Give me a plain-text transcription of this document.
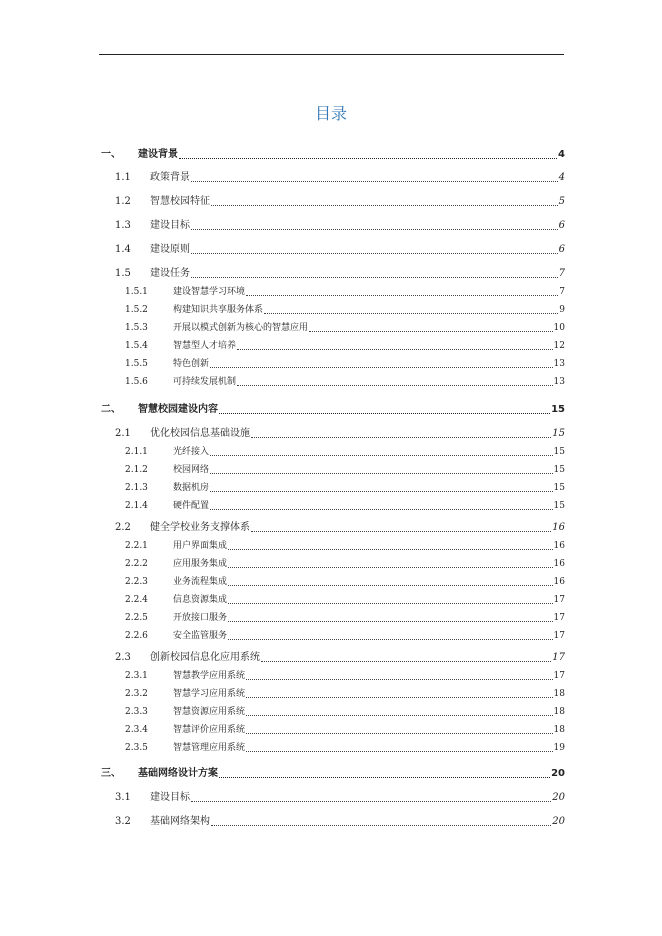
目录
一、	建设背景	4
1.1	政策背景	4
1.2	智慧校园特征	5
1.3	建设目标	6
1.4	建设原则	6
1.5	建设任务	7
1.5.1	建设智慧学习环境	7
1.5.2	构建知识共享服务体系	9
1.5.3	开展以模式创新为核心的智慧应用	10
1.5.4	智慧型人才培养	12
1.5.5	特色创新	13
1.5.6	可持续发展机制	13
二、	智慧校园建设内容	15
2.1	优化校园信息基础设施	15
2.1.1	光纤接入	15
2.1.2	校园网络	15
2.1.3	数据机房	15
2.1.4	硬件配置	15
2.2	健全学校业务支撑体系	16
2.2.1	用户界面集成	16
2.2.2	应用服务集成	16
2.2.3	业务流程集成	16
2.2.4	信息资源集成	17
2.2.5	开放接口服务	17
2.2.6	安全监管服务	17
2.3	创新校园信息化应用系统	17
2.3.1	智慧教学应用系统	17
2.3.2	智慧学习应用系统	18
2.3.3	智慧资源应用系统	18
2.3.4	智慧评价应用系统	18
2.3.5	智慧管理应用系统	19
三、	基础网络设计方案	20
3.1	建设目标	20
3.2	基础网络架构	20
